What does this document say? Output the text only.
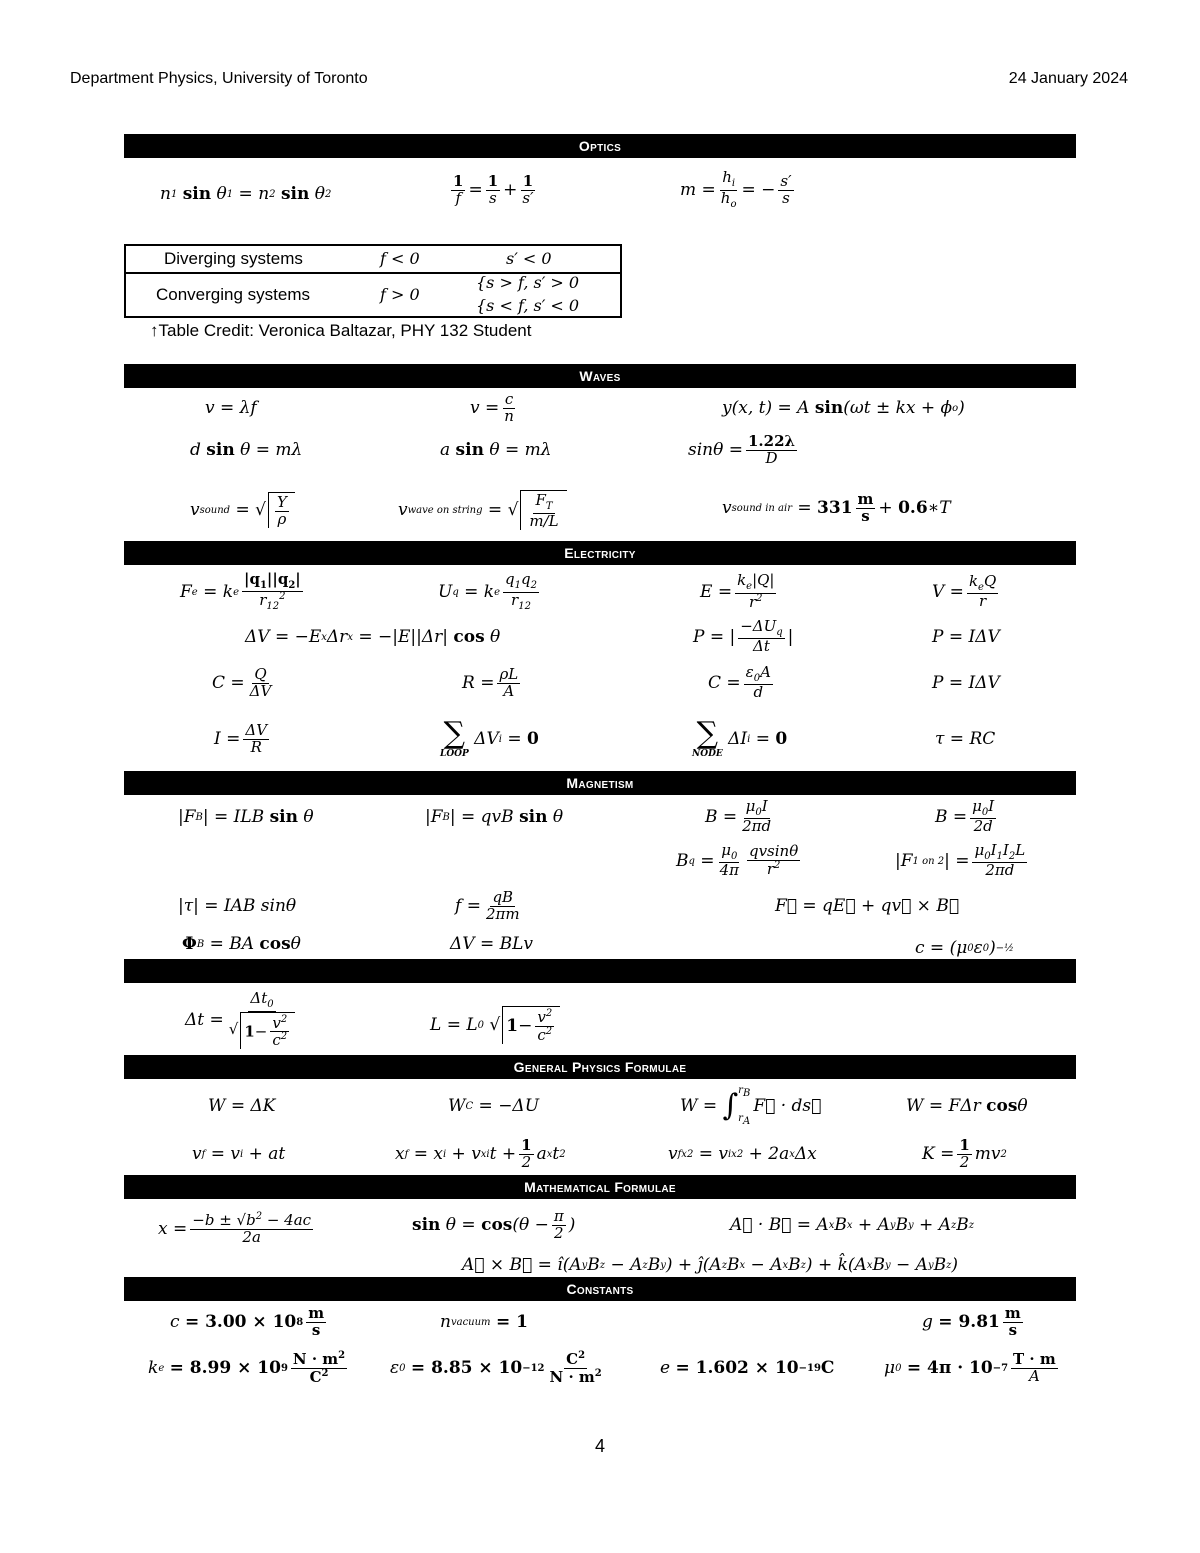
Department Physics, University of Toronto	24 January 2024
Optics
n 1
sin θ 1 = n 2
sin θ 2	$\frac{1}{f} = \frac{1}{s} + \frac{1}{s'}$	$m = \frac{h_i}{h_o}$ = − $\frac{s'}{s}$
Diverging systems	f < 0	s′ < 0
Converging systems	f > 0
{s > f, s′ > 0
{s < f, s′ < 0
↑Table Credit: Veronica Baltazar, PHY 132 Student
Waves
v = λf	$v = \frac{c}{n}$	y(x, t) = A sin (ωt ± kx + ϕ o )
d sin θ = mλ	a sin θ = mλ	$\sin\theta = \frac{1.22\lambda}{D}$
v sound = √ $\frac{Y}{\rho}$	v wave on string = √ $\frac{F_T}{m/L}$	v sound in air = $331 \frac{m}{s} + 0.6$ ∗T
Electricity
F e = k e $\frac{|q_1||q_2|}{r_{12}^2}$	U q = k e $\frac{q_1q_2}{r_{12}}$	$E = \frac{k_e|Q|}{r^2}$	$V = \frac{k_eQ}{r}$
ΔV = −E x Δr x = −|E||Δr| cos θ	P = | $\frac{-\Delta U_q}{\Delta t}$ |	P = IΔV
$C = \frac{Q}{\Delta V}$	$R = \frac{\rho L}{A}$	$C = \frac{\varepsilon_0A}{d}$	P = IΔV
$I = \frac{\Delta V}{R}$	∑
LOOP
ΔV i = 0	∑
NODE
ΔI i = 0	τ = RC
Magnetism
|F B | = ILB sin θ	|F B | = qvB sin θ	$B = \frac{\mu_0I}{2\pi d}$	$B = \frac{\mu_0I}{2d}$
B $q = \frac{\mu_0}{4\pi} \frac{qvsin\theta}{r^2}$	|F 1 on 2 | = $\frac{\mu_0I_1I_2L}{2\pi d}$
|τ| = IAB sinθ	$f = \frac{qB}{2\pi m}$	F⃗ = qE⃗ + qv⃗ × B⃗
Φ B = BA cos θ	ΔV = BLv	c = (μ 0 ε 0 ) −½
$\Delta t = \frac{\Delta t_0}{√ 1- \frac{v^2}{c^2}}$	L = L 0
√ $1- \frac{v^2}{c^2}$
General Physics Formulae
W = ΔK	W C = −ΔU	W = ∫ $r_B$
$r_A$
F⃗ · ds⃗	W = FΔr cos θ
v f = v i + at	x f = x i + v xi $t + \frac{1}{2}$ a x t 2	v fx 2 = v ix 2 + 2a x Δx	$K = \frac{1}{2}$ mv 2
Mathematical Formulae
$x = \frac{-b \pm √b^2 - 4ac}{2a}$	$\sin \theta = \cos (\theta - \frac{\pi}{2}$ )	A⃗ · B⃗ = A x B x + A y B y + A z B z
A⃗ × B⃗ = î(A y B z − A z B y ) + ĵ(A z B x − A x B z ) + k̂(A x B y − A y B z )
Constants
c = 3.00 × 10 $8 \frac{m}{s}$	n vacuum
= 1	$g = 9.81 \frac{m}{s}$
k e
= 8.99 × 10 $9 \frac{N \cdot m^2}{C^2}$	ε 0
= $8.85 \times 10 -12 \frac{C^2}{N \cdot m^2}$	e = 1.602 × 10 −19 C	μ 0
= $4\pi \cdot 10 -7 \frac{T \cdot m}{A}$
4
